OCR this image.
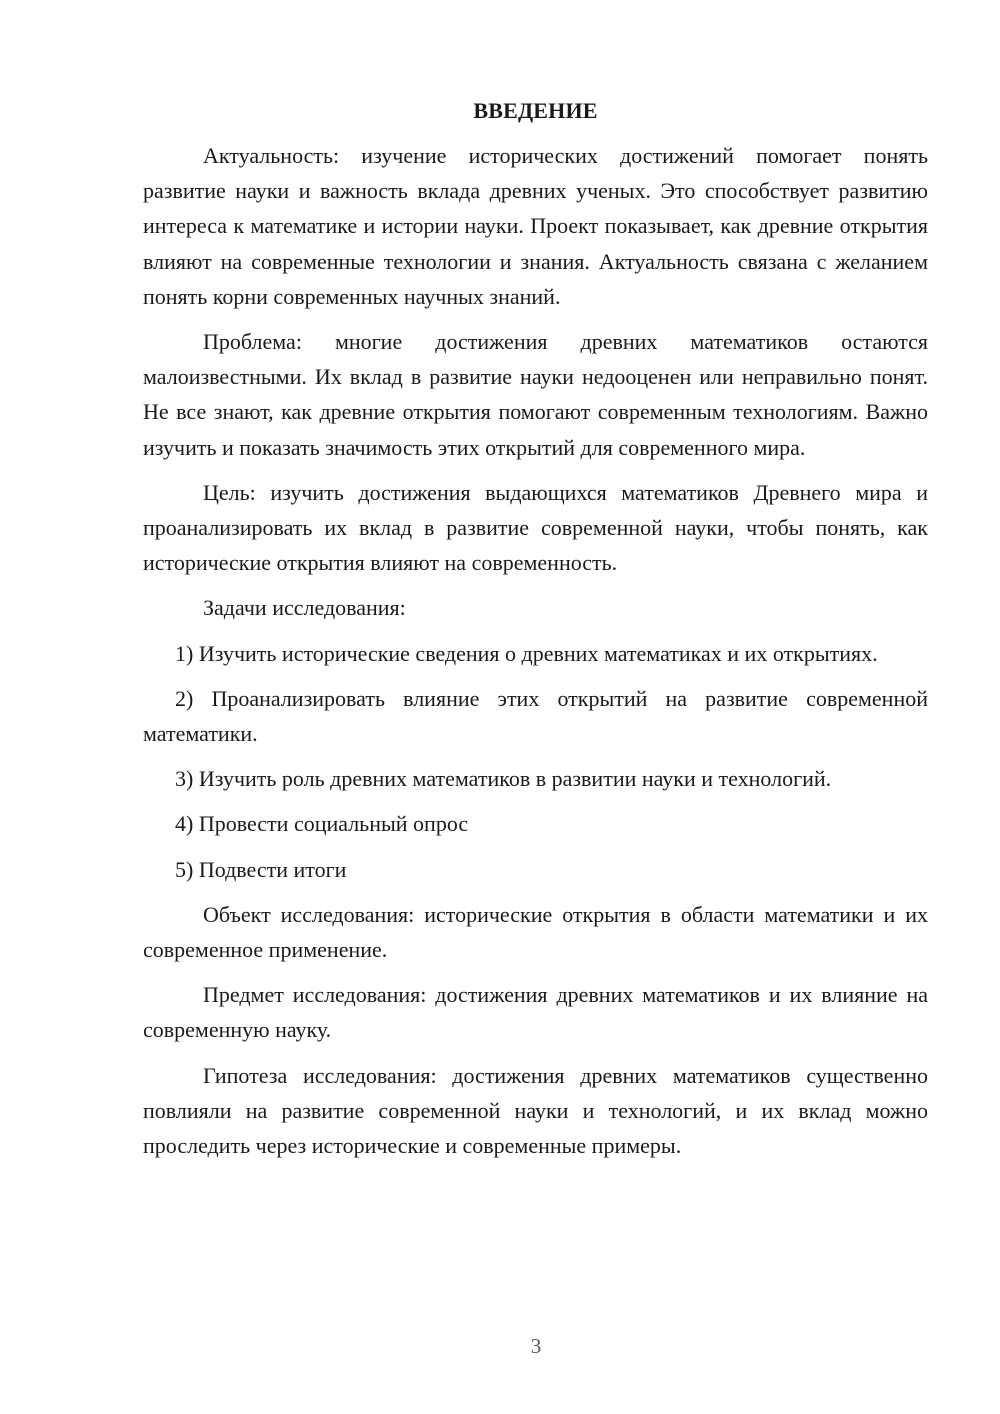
ВВЕДЕНИЕ

Актуальность: изучение исторических достижений помогает понять развитие науки и важность вклада древних ученых. Это способствует развитию интереса к математике и истории науки. Проект показывает, как древние открытия влияют на современные технологии и знания. Актуальность связана с желанием понять корни современных научных знаний.

Проблема: многие достижения древних математиков остаются малоизвестными. Их вклад в развитие науки недооценен или неправильно понят. Не все знают, как древние открытия помогают современным технологиям. Важно изучить и показать значимость этих открытий для современного мира.

Цель: изучить достижения выдающихся математиков Древнего мира и проанализировать их вклад в развитие современной науки, чтобы понять, как исторические открытия влияют на современность.

Задачи исследования:

1) Изучить исторические сведения о древних математиках и их открытиях.

2) Проанализировать влияние этих открытий на развитие современной математики.

3) Изучить роль древних математиков в развитии науки и технологий.

4) Провести социальный опрос

5) Подвести итоги

Объект исследования: исторические открытия в области математики и их современное применение.

Предмет исследования: достижения древних математиков и их влияние на современную науку.

Гипотеза исследования: достижения древних математиков существенно повлияли на развитие современной науки и технологий, и их вклад можно проследить через исторические и современные примеры.

3
